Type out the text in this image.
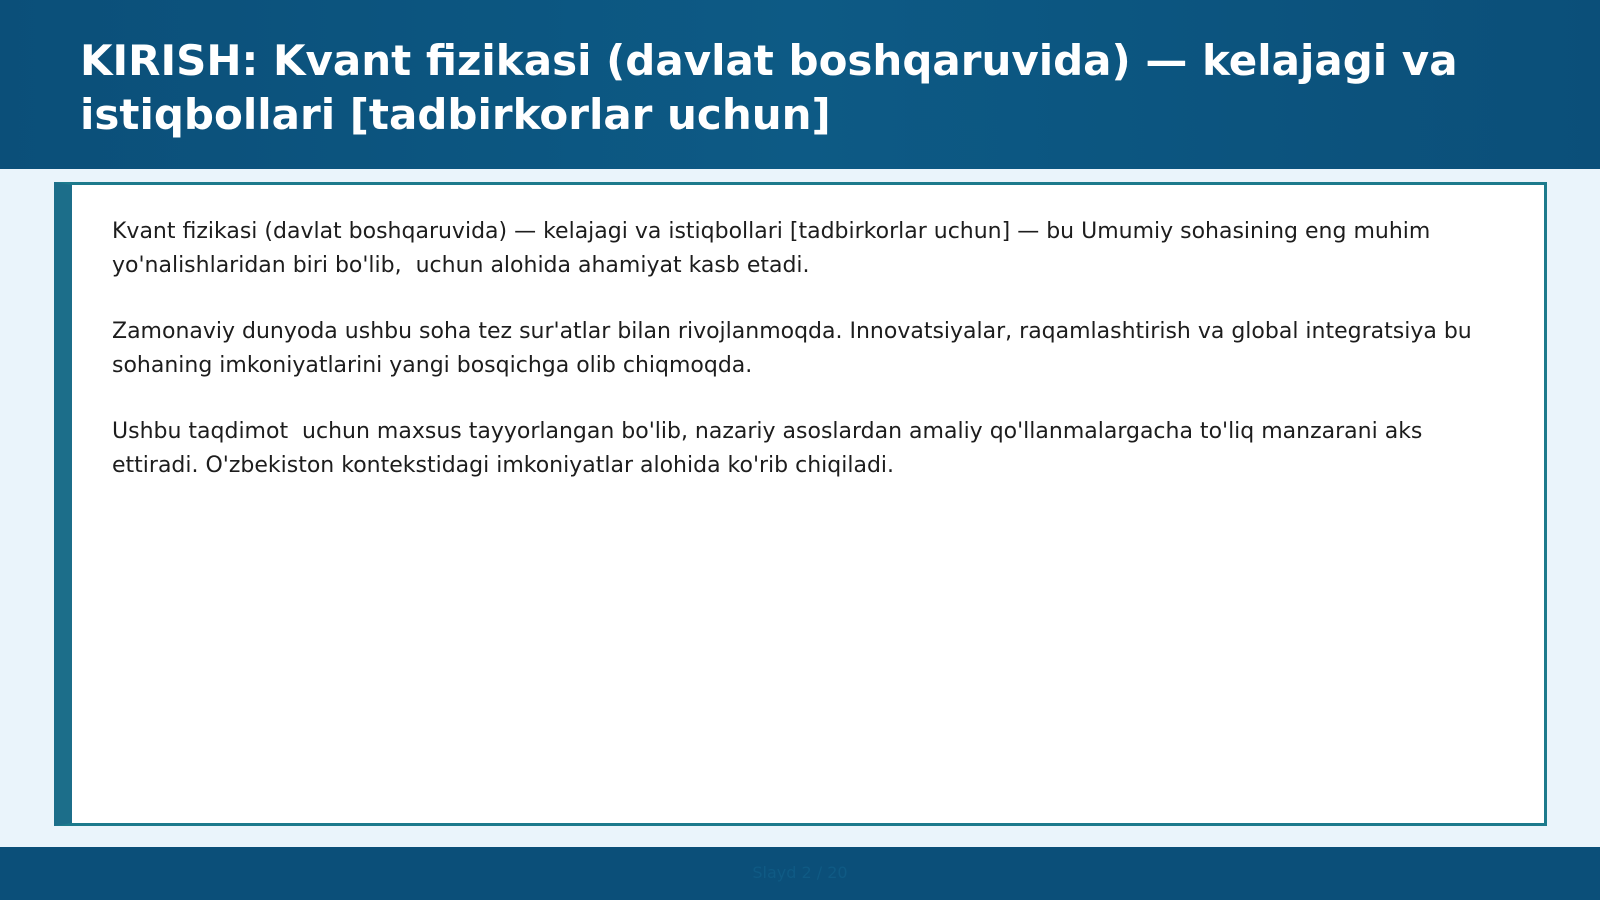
KIRISH: Kvant fizikasi (davlat boshqaruvida) — kelajagi va istiqbollari [tadbirkorlar uchun]

Kvant fizikasi (davlat boshqaruvida) — kelajagi va istiqbollari [tadbirkorlar uchun] — bu Umumiy sohasining eng muhim yo'nalishlaridan biri bo'lib,  uchun alohida ahamiyat kasb etadi.

Zamonaviy dunyoda ushbu soha tez sur'atlar bilan rivojlanmoqda. Innovatsiyalar, raqamlashtirish va global integratsiya bu sohaning imkoniyatlarini yangi bosqichga olib chiqmoqda.

Ushbu taqdimot  uchun maxsus tayyorlangan bo'lib, nazariy asoslardan amaliy qo'llanmalargacha to'liq manzarani aks ettiradi. O'zbekiston kontekstidagi imkoniyatlar alohida ko'rib chiqiladi.

Slayd 2 / 20
